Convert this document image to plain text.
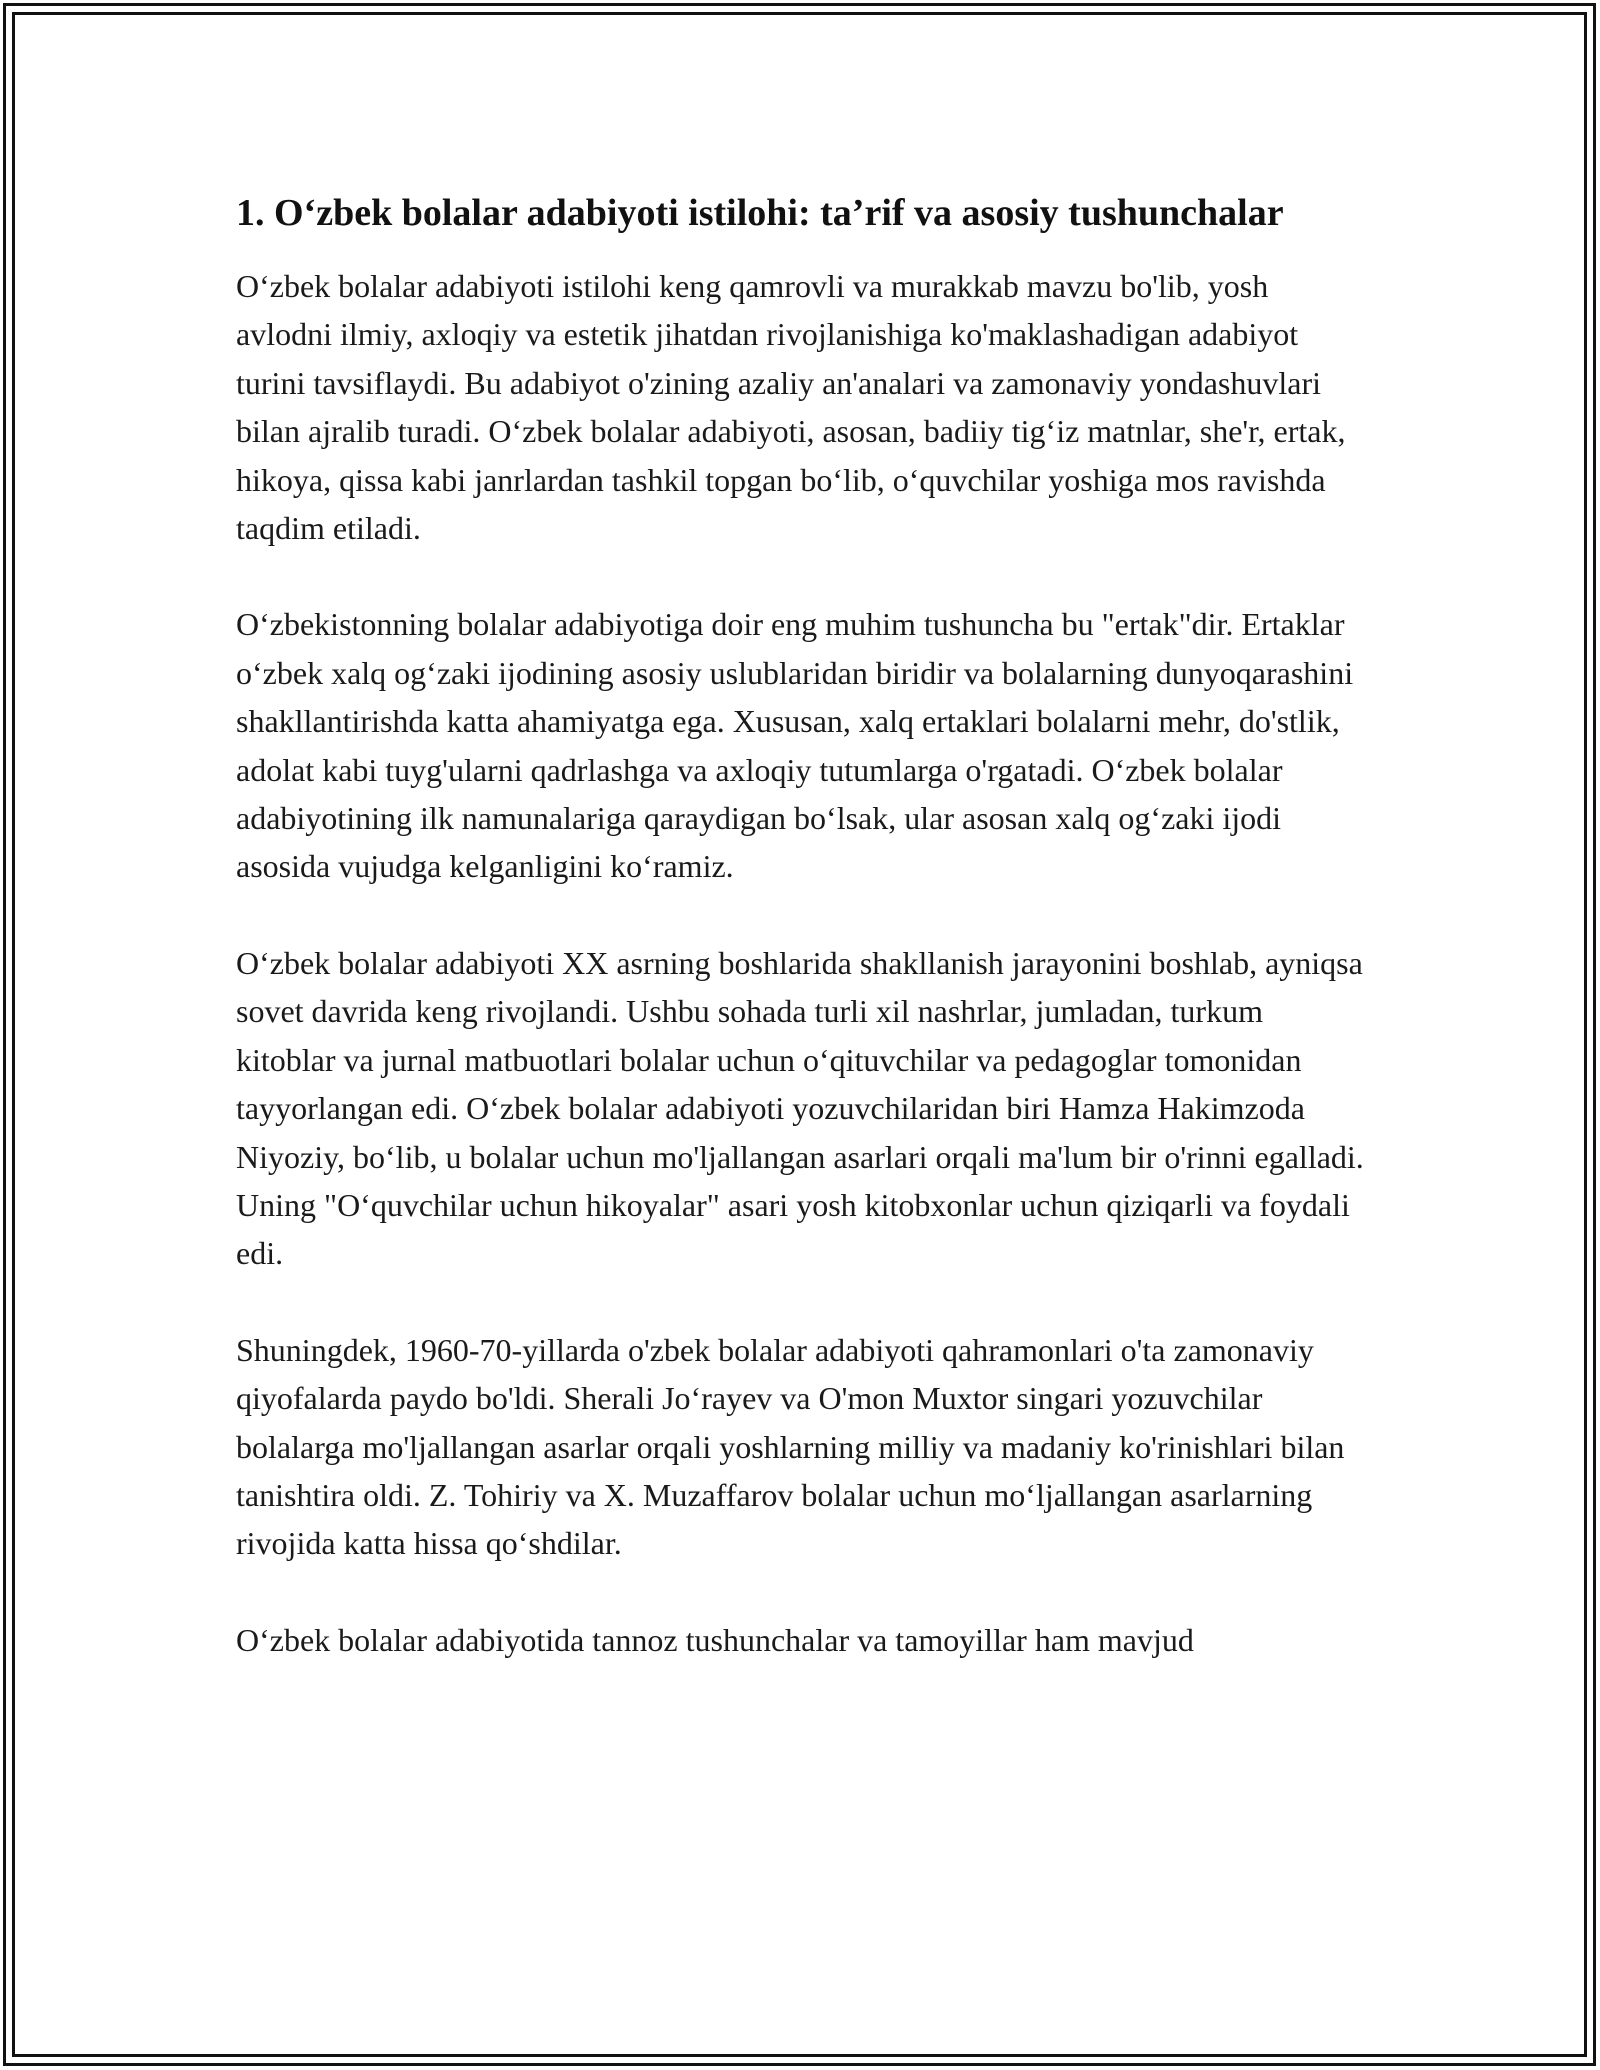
1. O‘zbek bolalar adabiyoti istilohi: ta’rif va asosiy tushunchalar

O‘zbek bolalar adabiyoti istilohi keng qamrovli va murakkab mavzu bo'lib, yosh avlodni ilmiy, axloqiy va estetik jihatdan rivojlanishiga ko'maklashadigan adabiyot turini tavsiflaydi. Bu adabiyot o'zining azaliy an'analari va zamonaviy yondashuvlari bilan ajralib turadi. O‘zbek bolalar adabiyoti, asosan, badiiy tig‘iz matnlar, she'r, ertak, hikoya, qissa kabi janrlardan tashkil topgan bo‘lib, o‘quvchilar yoshiga mos ravishda taqdim etiladi.

O‘zbekistonning bolalar adabiyotiga doir eng muhim tushuncha bu "ertak"dir. Ertaklar o‘zbek xalq og‘zaki ijodining asosiy uslublaridan biridir va bolalarning dunyoqarashini shakllantirishda katta ahamiyatga ega. Xususan, xalq ertaklari bolalarni mehr, do'stlik, adolat kabi tuyg'ularni qadrlashga va axloqiy tutumlarga o'rgatadi. O‘zbek bolalar adabiyotining ilk namunalariga qaraydigan bo‘lsak, ular asosan xalq og‘zaki ijodi asosida vujudga kelganligini ko‘ramiz.

O‘zbek bolalar adabiyoti XX asrning boshlarida shakllanish jarayonini boshlab, ayniqsa sovet davrida keng rivojlandi. Ushbu sohada turli xil nashrlar, jumladan, turkum kitoblar va jurnal matbuotlari bolalar uchun o‘qituvchilar va pedagoglar tomonidan tayyorlangan edi. O‘zbek bolalar adabiyoti yozuvchilaridan biri Hamza Hakimzoda Niyoziy, bo‘lib, u bolalar uchun mo'ljallangan asarlari orqali ma'lum bir o'rinni egalladi. Uning "O‘quvchilar uchun hikoyalar" asari yosh kitobxonlar uchun qiziqarli va foydali edi.

Shuningdek, 1960-70-yillarda o'zbek bolalar adabiyoti qahramonlari o'ta zamonaviy qiyofalarda paydo bo'ldi. Sherali Jo‘rayev va O'mon Muxtor singari yozuvchilar bolalarga mo'ljallangan asarlar orqali yoshlarning milliy va madaniy ko'rinishlari bilan tanishtira oldi. Z. Tohiriy va X. Muzaffarov bolalar uchun mo‘ljallangan asarlarning rivojida katta hissa qo‘shdilar.

O‘zbek bolalar adabiyotida tannoz tushunchalar va tamoyillar ham mavjud
